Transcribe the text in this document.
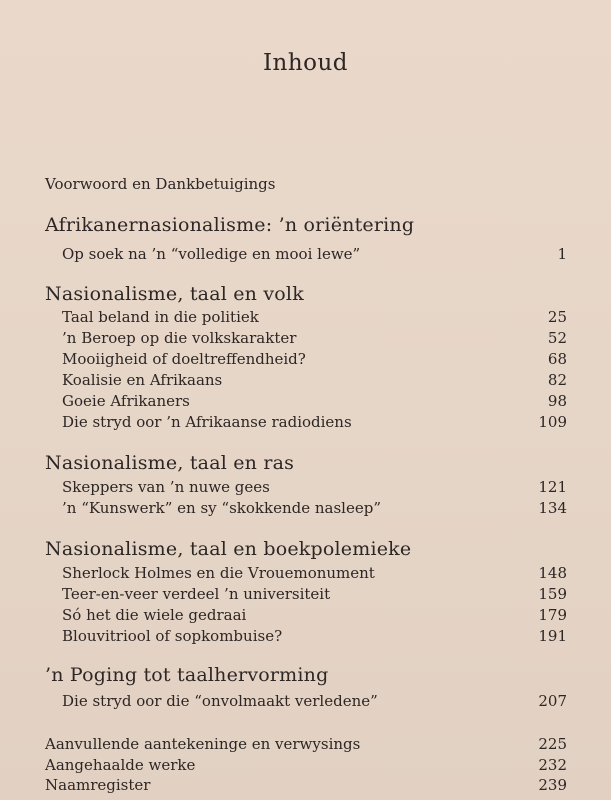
Inhoud
Voorwoord en Dankbetuigings
Afrikanernasionalisme: ’n oriëntering
Op soek na ’n “volledige en mooi lewe”	1
Nasionalisme, taal en volk
Taal beland in die politiek	25
’n Beroep op die volkskarakter	52
Mooiigheid of doeltreffendheid?	68
Koalisie en Afrikaans	82
Goeie Afrikaners	98
Die stryd oor ’n Afrikaanse radiodiens	109
Nasionalisme, taal en ras
Skeppers van ’n nuwe gees	121
’n “Kunswerk” en sy “skokkende nasleep”	134
Nasionalisme, taal en boekpolemieke
Sherlock Holmes en die Vrouemonument	148
Teer-en-veer verdeel ’n universiteit	159
Só het die wiele gedraai	179
Blouvitriool of sopkombuise?	191
’n Poging tot taalhervorming
Die stryd oor die “onvolmaakt verledene”	207
Aanvullende aantekeninge en verwysings	225
Aangehaalde werke	232
Naamregister	239
